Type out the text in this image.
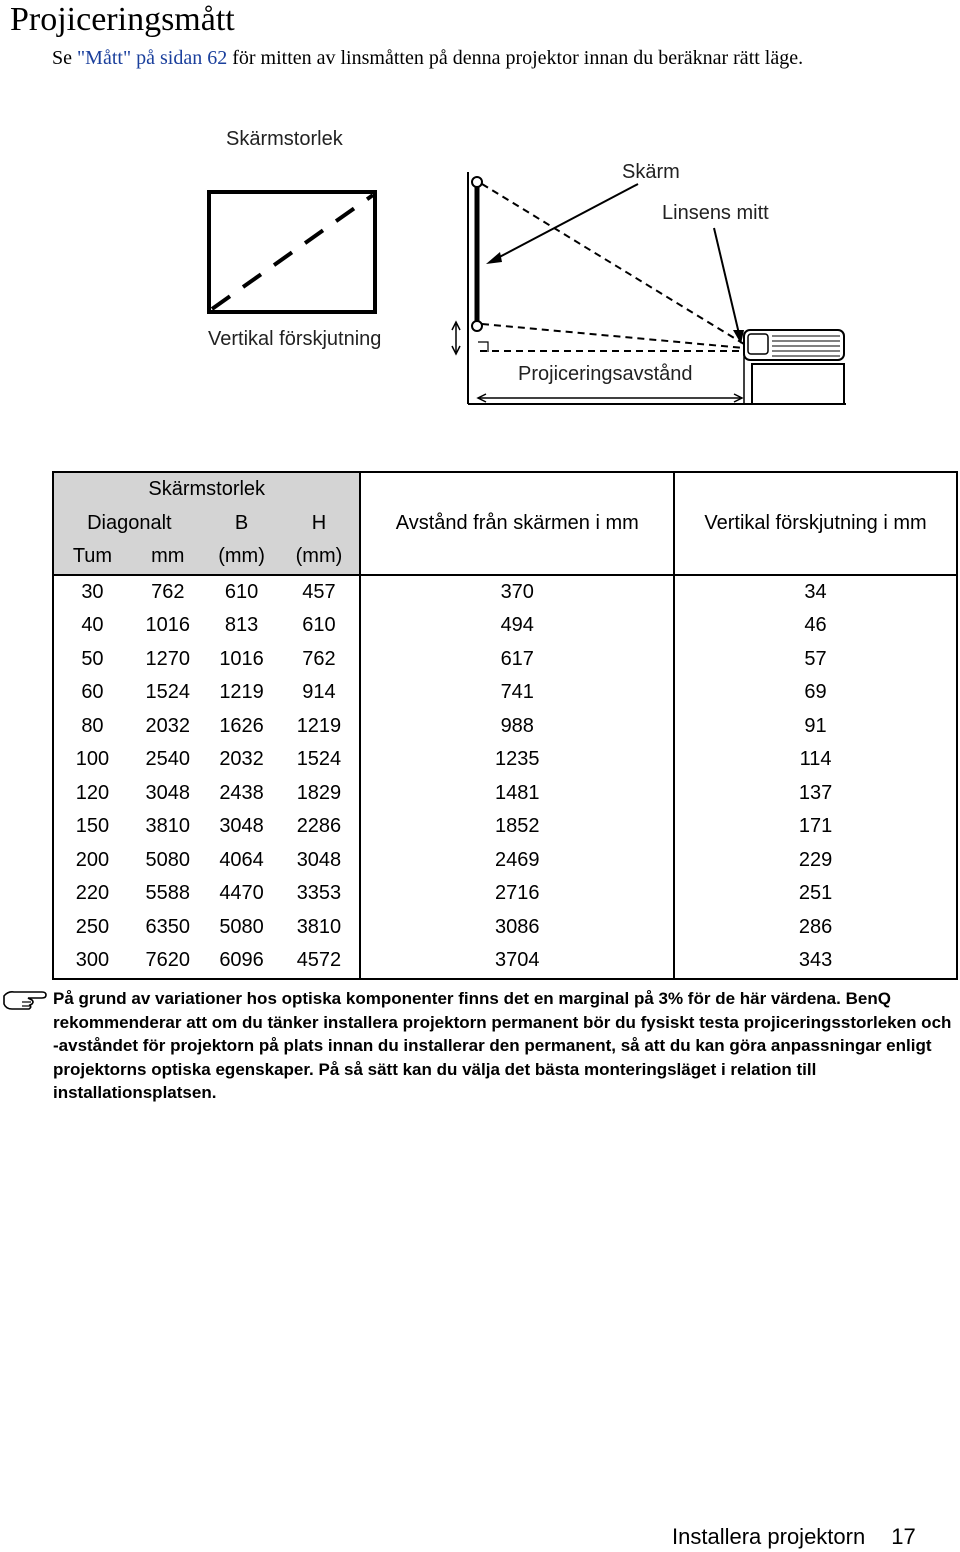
Projiceringsmått
Se "Mått" på sidan 62 för mitten av linsmåtten på denna projektor innan du beräknar rätt läge.
Skärmstorlek
Vertikal förskjutning
Projiceringsavstånd
Skärm
Linsens mitt
Skärmstorlek				Avstånd från skärmen i mm	Vertikal förskjutning i mm
Diagonalt		B	H		
Tum	mm	(mm)	(mm)		
30	762	610	457	370	34
40	1016	813	610	494	46
50	1270	1016	762	617	57
60	1524	1219	914	741	69
80	2032	1626	1219	988	91
100	2540	2032	1524	1235	114
120	3048	2438	1829	1481	137
150	3810	3048	2286	1852	171
200	5080	4064	3048	2469	229
220	5588	4470	3353	2716	251
250	6350	5080	3810	3086	286
300	7620	6096	4572	3704	343
På grund av variationer hos optiska komponenter finns det en marginal på 3% för de här värdena. BenQ rekommenderar att om du tänker installera projektorn permanent bör du fysiskt testa projiceringsstorleken och -avståndet för projektorn på plats innan du installerar den permanent, så att du kan göra anpassningar enligt projektorns optiska egenskaper. På så sätt kan du välja det bästa monteringsläget i relation till installationsplatsen.
Installera projektorn 17
